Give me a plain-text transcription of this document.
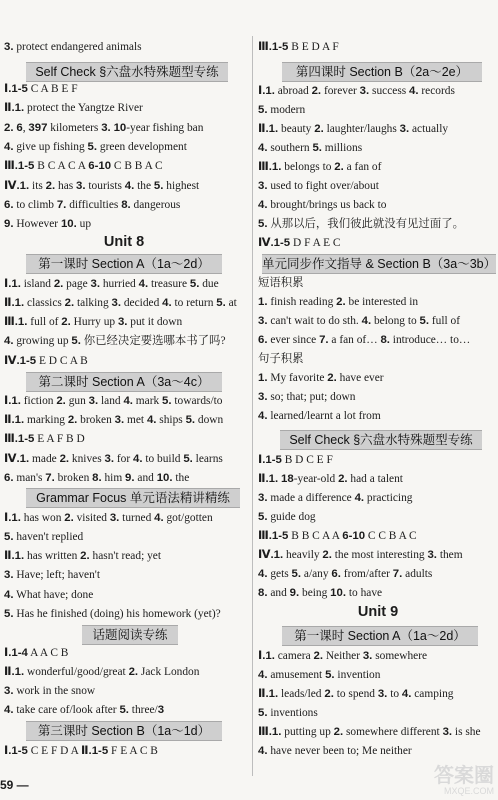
3. protect endangered animals
Self Check §六盘水特殊题型专练
Ⅰ.1-5 C A B E F
Ⅱ.1. protect the Yangtze River
2. 6, 397 kilometers 3. 10-year fishing ban
4. give up fishing 5. green development
Ⅲ.1-5 B C A C A 6-10 C B B A C
Ⅳ.1. its 2. has 3. tourists 4. the 5. highest
6. to climb 7. difficulties 8. dangerous
9. However 10. up
Unit 8
第一课时 Section A（1a～2d）
Ⅰ.1. island 2. page 3. hurried 4. treasure 5. due
Ⅱ.1. classics 2. talking 3. decided 4. to return 5. at
Ⅲ.1. full of 2. Hurry up 3. put it down
4. growing up 5. 你已经决定要选哪本书了吗?
Ⅳ.1-5 E D C A B
第二课时 Section A（3a～4c）
Ⅰ.1. fiction 2. gun 3. land 4. mark 5. towards/to
Ⅱ.1. marking 2. broken 3. met 4. ships 5. down
Ⅲ.1-5 E A F B D
Ⅳ.1. made 2. knives 3. for 4. to build 5. learns
6. man's 7. broken 8. him 9. and 10. the
Grammar Focus 单元语法精讲精练
Ⅰ.1. has won 2. visited 3. turned 4. got/gotten
5. haven't replied
Ⅱ.1. has written 2. hasn't read; yet
3. Have; left; haven't
4. What have; done
5. Has he finished (doing) his homework (yet)?
话题阅读专练
Ⅰ.1-4 A A C B
Ⅱ.1. wonderful/good/great 2. Jack London
3. work in the snow
4. take care of/look after 5. three/3
第三课时 Section B（1a～1d）
Ⅰ.1-5 C E F D A Ⅱ.1-5 F E A C B
Ⅲ.1-5 B E D A F
第四课时 Section B（2a～2e）
Ⅰ.1. abroad 2. forever 3. success 4. records
5. modern
Ⅱ.1. beauty 2. laughter/laughs 3. actually
4. southern 5. millions
Ⅲ.1. belongs to 2. a fan of
3. used to fight over/about
4. brought/brings us back to
5. 从那以后，我们彼此就没有见过面了。
Ⅳ.1-5 D F A E C
单元同步作文指导 & Section B（3a～3b）
短语积累
1. finish reading 2. be interested in
3. can't wait to do sth. 4. belong to 5. full of
6. ever since 7. a fan of… 8. introduce… to…
句子积累
1. My favorite 2. have ever
3. so; that; put; down
4. learned/learnt a lot from
Self Check §六盘水特殊题型专练
Ⅰ.1-5 B D C E F
Ⅱ.1. 18-year-old 2. had a talent
3. made a difference 4. practicing
5. guide dog
Ⅲ.1-5 B B C A A 6-10 C C B A C
Ⅳ.1. heavily 2. the most interesting 3. them
4. gets 5. a/any 6. from/after 7. adults
8. and 9. being 10. to have
Unit 9
第一课时 Section A（1a～2d）
Ⅰ.1. camera 2. Neither 3. somewhere
4. amusement 5. invention
Ⅱ.1. leads/led 2. to spend 3. to 4. camping
5. inventions
Ⅲ.1. putting up 2. somewhere different 3. is she
4. have never been to; Me neither
59 —	答案圈
MXQE.COM
